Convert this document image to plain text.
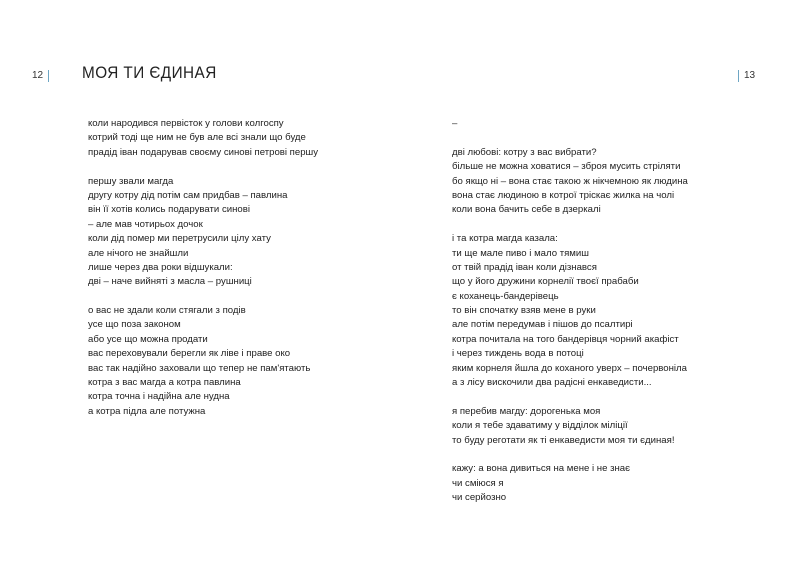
12	МОЯ ТИ ЄДИНАЯ	13
коли народився первісток у голови колгоспу
котрий тоді ще ним не був але всі знали що буде
прадід іван подарував своєму синові петрові першу
першу звали магда
другу котру дід потім сам придбав – павлина
він її хотів колись подарувати синові
– але мав чотирьох дочок
коли дід помер ми перетрусили цілу хату
але нічого не знайшли
лише через два роки відшукали:
дві – наче вийняті з масла – рушниці
о вас не здали коли стягали з подів
усе що поза законом
або усе що можна продати
вас переховували берегли як ліве і праве око
вас так надійно заховали що тепер не пам'ятають
котра з вас магда а котра павлина
котра точна і надійна але нудна
а котра підла але потужна
–
дві любові: котру з вас вибрати?
більше не можна ховатися – зброя мусить стріляти
бо якщо ні – вона стає такою ж нікчемною як людина
вона стає людиною в котрої тріскає жилка на чолі
коли вона бачить себе в дзеркалі
і та котра магда казала:
ти ще мале пиво і мало тямиш
от твій прадід іван коли дізнався
що у його дружини корнелії твоєї прабаби
є коханець-бандерівець
то він спочатку взяв мене в руки
але потім передумав і пішов до псалтирі
котра почитала на того бандерівця чорний акафіст
і через тиждень вода в потоці
яким корнеля йшла до коханого уверх – почервоніла
а з лісу вискочили два радісні енкаведисти...
я перебив магду: дорогенька моя
коли я тебе здаватиму у відділок міліції
то буду реготати як ті енкаведисти моя ти єдиная!
кажу: а вона дивиться на мене і не знає
чи сміюся я
чи серйозно
